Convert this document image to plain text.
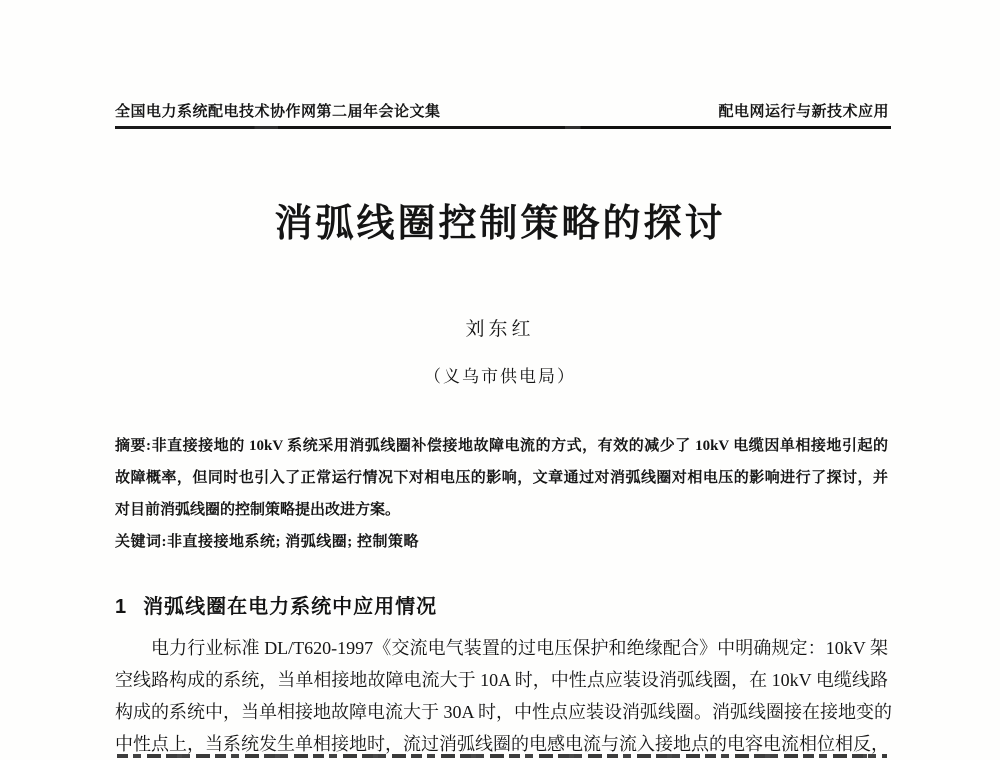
全国电力系统配电技术协作网第二届年会论文集	配电网运行与新技术应用
消弧线圈控制策略的探讨
刘东红
（义乌市供电局）
摘要:非直接接地的 10kV 系统采用消弧线圈补偿接地故障电流的方式，有效的减少了 10kV 电缆因单相接地引起的
故障概率，但同时也引入了正常运行情况下对相电压的影响，文章通过对消弧线圈对相电压的影响进行了探讨，并
对目前消弧线圈的控制策略提出改进方案。
关键词:非直接接地系统; 消弧线圈; 控制策略
1 消弧线圈在电力系统中应用情况
电力行业标准 DL/T620-1997《交流电气装置的过电压保护和绝缘配合》中明确规定：10kV 架
空线路构成的系统，当单相接地故障电流大于 10A 时，中性点应装设消弧线圈，在 10kV 电缆线路
构成的系统中，当单相接地故障电流大于 30A 时，中性点应装设消弧线圈。消弧线圈接在接地变的
中性点上，当系统发生单相接地时，流过消弧线圈的电感电流与流入接地点的电容电流相位相反，
